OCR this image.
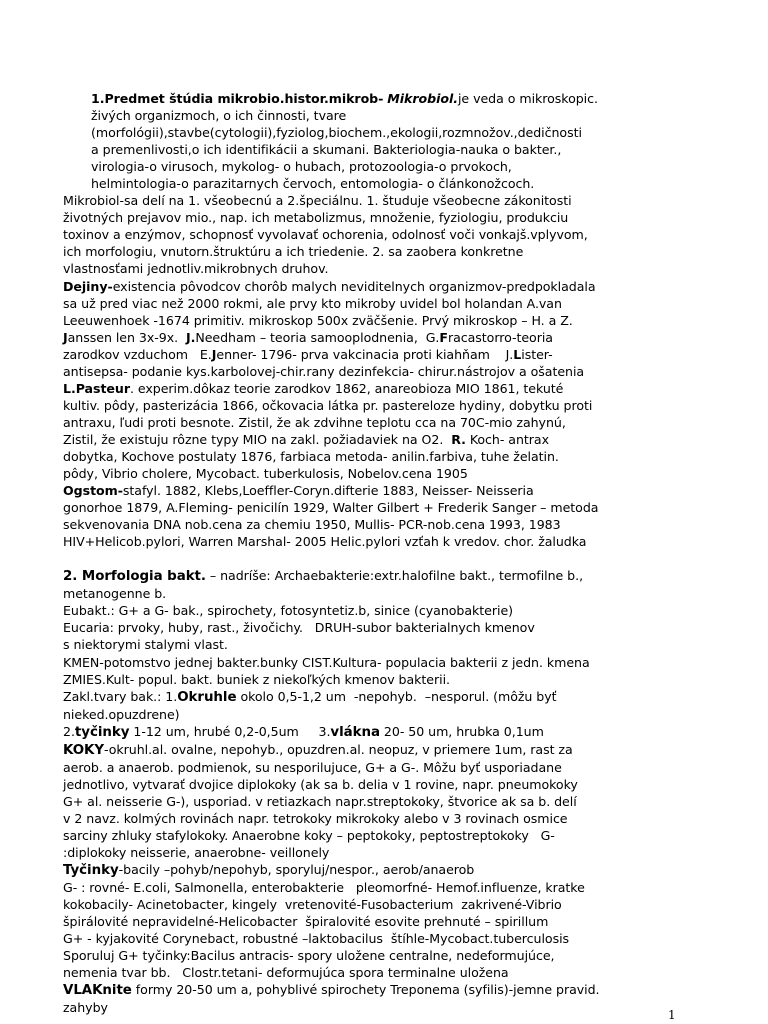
1.Predmet štúdia mikrobio.histor.mikrob- Mikrobiol.je veda o mikroskopic.

živých organizmoch, o ich činnosti, tvare

(morfológii),stavbe(cytologii),fyziolog,biochem.,ekologii,rozmnožov.,dedičnosti

a premenlivosti,o ich identifikácii a skumani. Bakteriologia-nauka o bakter.,

virologia-o virusoch, mykolog- o hubach, protozoologia-o prvokoch,

helmintologia-o parazitarnych červoch, entomologia- o článkonožcoch.

Mikrobiol-sa delí na 1. všeobecnú a 2.špeciálnu. 1. študuje všeobecne zákonitosti

životných prejavov mio., nap. ich metabolizmus, množenie, fyziologiu, produkciu

toxinov a enzýmov, schopnosť vyvolavať ochorenia, odolnosť voči vonkajš.vplyvom,

ich morfologiu, vnutorn.štruktúru a ich triedenie. 2. sa zaobera konkretne

vlastnosťami jednotliv.mikrobnych druhov.

Dejiny-existencia pôvodcov chorôb malych neviditelnych organizmov-predpokladala

sa už pred viac než 2000 rokmi, ale prvy kto mikroby uvidel bol holandan A.van

Leeuwenhoek -1674 primitiv. mikroskop 500x zväčšenie. Prvý mikroskop – H. a Z.

Janssen len 3x-9x.  J.Needham – teoria samooplodnenia,  G.Fracastorro-teoria

zarodkov vzduchom   E.Jenner- 1796- prva vakcinacia proti kiahňam    J.Lister-

antisepsa- podanie kys.karbolovej-chir.rany dezinfekcia- chirur.nástrojov a ošatenia

L.Pasteur. experim.dôkaz teorie zarodkov 1862, anareobioza MIO 1861, tekuté

kultiv. pôdy, pasterizácia 1866, očkovacia látka pr. pastereloze hydiny, dobytku proti

antraxu, ľudi proti besnote. Zistil, že ak zdvihne teplotu cca na 70C-mio zahynú,

Zistil, že existuju rôzne typy MIO na zakl. požiadaviek na O2.  R. Koch- antrax

dobytka, Kochove postulaty 1876, farbiaca metoda- anilin.farbiva, tuhe želatin.

pôdy, Vibrio cholere, Mycobact. tuberkulosis, Nobelov.cena 1905

Ogstom-stafyl. 1882, Klebs,Loeffler-Coryn.difterie 1883, Neisser- Neisseria

gonorhoe 1879, A.Fleming- penicilín 1929, Walter Gilbert + Frederik Sanger – metoda

sekvenovania DNA nob.cena za chemiu 1950, Mullis- PCR-nob.cena 1993, 1983

HIV+Helicob.pylori, Warren Marshal- 2005 Helic.pylori vzťah k vredov. chor. žaludka

2. Morfologia bakt. – nadríše: Archaebakterie:extr.halofilne bakt., termofilne b.,

metanogenne b.

Eubakt.: G+ a G- bak., spirochety, fotosyntetiz.b, sinice (cyanobakterie)

Eucaria: prvoky, huby, rast., živočichy.   DRUH-subor bakterialnych kmenov

s niektorymi stalymi vlast.

KMEN-potomstvo jednej bakter.bunky CIST.Kultura- populacia bakterii z jedn. kmena

ZMIES.Kult- popul. bakt. buniek z niekoľkých kmenov bakterii.

Zakl.tvary bak.: 1.Okruhle okolo 0,5-1,2 um  -nepohyb.  –nesporul. (môžu byť

nieked.opuzdrene)

2.tyčinky 1-12 um, hrubé 0,2-0,5um     3.vlákna 20- 50 um, hrubka 0,1um

KOKY-okruhl.al. ovalne, nepohyb., opuzdren.al. neopuz, v priemere 1um, rast za

aerob. a anaerob. podmienok, su nesporilujuce, G+ a G-. Môžu byť usporiadane

jednotlivo, vytvarať dvojice diplokoky (ak sa b. delia v 1 rovine, napr. pneumokoky

G+ al. neisserie G-), usporiad. v retiazkach napr.streptokoky, štvorice ak sa b. delí

v 2 navz. kolmých rovinách napr. tetrokoky mikrokoky alebo v 3 rovinach osmice

sarciny zhluky stafylokoky. Anaerobne koky – peptokoky, peptostreptokoky   G-

:diplokoky neisserie, anaerobne- veillonely

Tyčinky-bacily –pohyb/nepohyb, sporyluj/nespor., aerob/anaerob

G- : rovné- E.coli, Salmonella, enterobakterie   pleomorfné- Hemof.influenze, kratke

kokobacily- Acinetobacter, kingely  vretenovité-Fusobacterium  zakrivené-Vibrio

špirálovité nepravidelné-Helicobacter  špiralovité esovite prehnuté – spirillum

G+ - kyjakovité Corynebact, robustné –laktobacilus  štíhle-Mycobact.tuberculosis

Sporuluj G+ tyčinky:Bacilus antracis- spory uložene centralne, nedeformujúce,

nemenia tvar bb.   Clostr.tetani- deformujúca spora terminalne uložena

VLAKnite formy 20-50 um a, pohyblivé spirochety Treponema (syfilis)-jemne pravid.

zahyby	1
